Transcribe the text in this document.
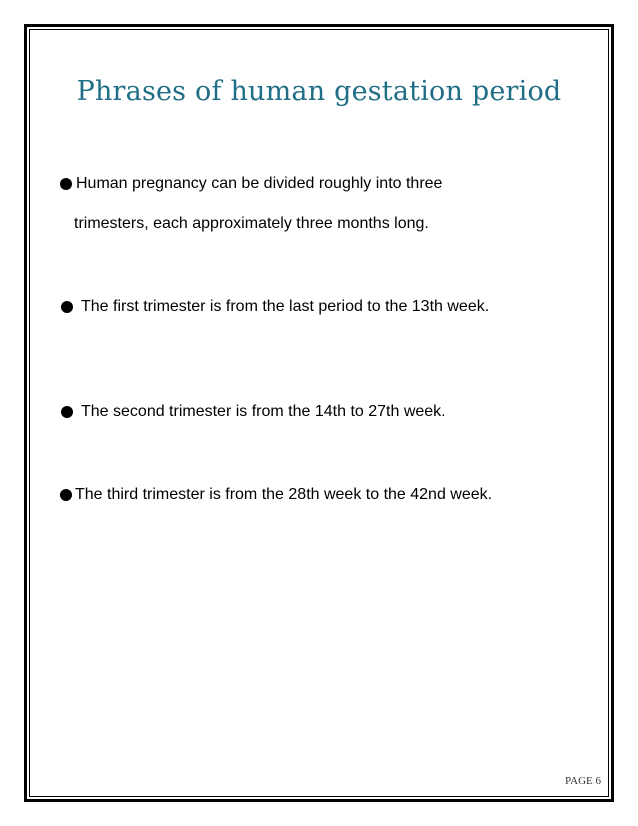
Phrases of human gestation period
Human pregnancy can be divided roughly into three
trimesters, each approximately three months long.
The first trimester is from the last period to the 13th week.
The second trimester is from the 14th to 27th week.
The third trimester is from the 28th week to the 42nd week.
PAGE 6
